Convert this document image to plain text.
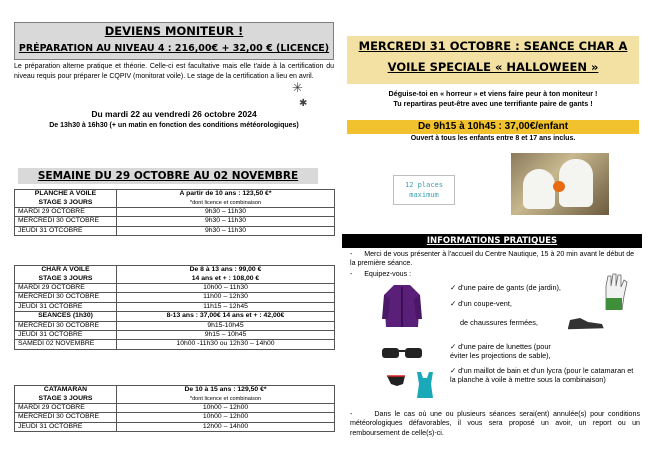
DEVIENS MONITEUR !
PRÉPARATION AU NIVEAU 4 : 216,00€ + 32,00 € (LICENCE)
✳
✱
Le préparation alterne pratique et théorie. Celle-ci est facultative mais elle t'aide à la certification du niveau requis pour préparer le CQPIV (monitorat voile). Le stage de la certification a lieu en avril.
Du mardi 22 au vendredi 26 octobre 2024
De 13h30 à 16h30 (+ un matin en fonction des conditions météorologiques)
SEMAINE DU 29 OCTOBRE AU 02 NOVEMBRE
PLANCHE A VOILE
STAGE 3 JOURS	A partir de 10 ans : 123,50 €*
*dont licence et combinaison

MARDI 29 OCTOBRE	9h30 – 11h30
MERCREDI 30 OCTOBRE	9h30 – 11h30
JEUDI 31 OTCOBRE	9h30 – 11h30
CHAR A VOILE
STAGE 3 JOURS	De 8 à 13 ans : 99,00 €
14 ans et + : 108,00 €
MARDI 29 OCTOBRE	10h00 – 11h30
MERCREDI 30 OCTOBRE	11h00 – 12h30
JEUDI 31 OCTOBRE	11h15 – 12h45
SEANCES (1h30)	8-13 ans : 37,00€ 14 ans et + : 42,00€
MERCREDI 30 OCTOBRE	9h15-10h45
JEUDI 31 OCTOBRE	9h15 – 10h45
SAMEDI 02 NOVEMBRE	10h00 -11h30 ou 12h30 – 14h00
CATAMARAN
STAGE 3 JOURS	De 10 à 15 ans : 129,50 €*
*dont licence et combinaison

MARDI 29 OCTOBRE	10h00 – 12h00
MERCREDI 30 OCTOBRE	10h00 – 12h00
JEUDI 31 OCTOBRE	12h00 – 14h00
MERCREDI 31 OCTOBRE : SEANCE CHAR A
VOILE SPECIALE « HALLOWEEN »
Déguise-toi en « horreur » et viens faire peur à ton moniteur !
Tu repartiras peut-être avec une terrifiante paire de gants !
De 9h15 à 10h45 : 37,00€/enfant
Ouvert à tous les enfants entre 8 et 17 ans inclus.
12 places maximum
INFORMATIONS PRATIQUES
-      Merci de vous présenter à l'accueil du Centre Nautique, 15 à 20 min avant le début de la première séance.
-      Equipez-vous :
✓ d'une paire de gants (de jardin),
✓ d'un coupe-vent,
de chaussures fermées,
✓ d'une paire de lunettes (pour éviter les projections de sable),
✓ d'un maillot de bain et d'un lycra (pour le catamaran et la planche à voile à mettre sous la combinaison)
-      Dans le cas où une ou plusieurs séances serai(ent) annulée(s) pour conditions météorologiques défavorables, il vous sera proposé un avoir, un report ou un remboursement de celle(s)-ci.
